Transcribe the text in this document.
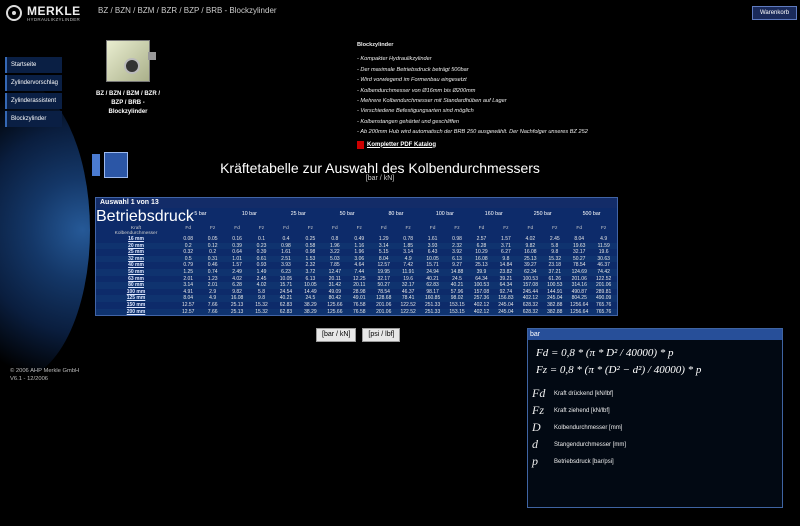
MERKLE
HYDRAULIKZYLINDER
BZ / BZN / BZM / BZR / BZP / BRB - Blockzylinder	Warenkorb
Startseite
Zylindervorschlag
Zylinderassistent
Blockzylinder
BZ / BZN / BZM / BZR / BZP / BRB - Blockzylinder
Blockzylinder
- Kompakter Hydraulikzylinder
- Der maximale Betriebsdruck beträgt 500bar
- Wird vorwiegend im Formenbau eingesetzt
- Kolbendurchmesser von Ø16mm bis Ø200mm
- Mehrere Kolbendurchmesser mit Standardhüben auf Lager
- Verschiedene Befestigungsarten sind möglich
- Kolbenstangen gehärtet und geschliffen
- Ab 200mm Hub wird automatisch der BRB 250 ausgewählt. Der Nachfolger unseres BZ 252
Kompletter PDF Katalog
Kräftetabelle zur Auswahl des Kolbendurchmessers
[bar / kN]
Auswahl 1 von 13
Betriebsdruck 5 bar	10 bar	25 bar	50 bar	80 bar	100 bar	160 bar	250 bar	500 bar
Kraft	Fd	Fz	Fd	Fz	Fd	Fz	Fd	Fz	Fd	Fz	Fd	Fz	Fd	Fz	Fd	Fz	Fd	Fz
Kolbendurchmesser
16 mm	0.08	0.05	0.16	0.1	0.4	0.25	0.8	0.49	1.29	0.78	1.61	0.98	2.57	1.57	4.02	2.45	8.04	4.9
20 mm	0.2	0.12	0.39	0.23	0.98	0.58	1.96	1.16	3.14	1.85	3.93	2.32	6.28	3.71	9.82	5.8	19.63	11.59
25 mm	0.32	0.2	0.64	0.39	1.61	0.98	3.22	1.96	5.15	3.14	6.43	3.92	10.29	6.27	16.08	9.8	32.17	19.6
32 mm	0.5	0.31	1.01	0.61	2.51	1.53	5.03	3.06	8.04	4.9	10.05	6.13	16.08	9.8	25.13	15.32	50.27	30.63
40 mm	0.79	0.46	1.57	0.93	3.93	2.32	7.85	4.64	12.57	7.42	15.71	9.27	25.13	14.84	39.27	23.18	78.54	46.37
50 mm	1.25	0.74	2.49	1.49	6.23	3.72	12.47	7.44	19.95	11.91	24.94	14.88	39.9	23.82	62.34	37.21	124.69	74.42
63 mm	2.01	1.23	4.02	2.45	10.05	6.13	20.11	12.25	32.17	19.6	40.21	24.5	64.34	39.21	100.53	61.26	201.06	122.52
80 mm	3.14	2.01	6.28	4.02	15.71	10.05	31.42	20.11	50.27	32.17	62.83	40.21	100.53	64.34	157.08	100.53	314.16	201.06
100 mm	4.91	2.9	9.82	5.8	24.54	14.49	49.09	28.98	78.54	46.37	98.17	57.96	157.08	92.74	245.44	144.91	490.87	289.81
125 mm	8.04	4.9	16.08	9.8	40.21	24.5	80.42	49.01	128.68	78.41	160.85	98.02	257.36	156.83	402.12	245.04	804.25	490.09
150 mm	12.57	7.66	25.13	15.32	62.83	38.29	125.66	76.58	201.06	122.52	251.33	153.15	402.12	245.04	628.32	382.88	1256.64	765.76
200 mm	12.57	7.66	25.13	15.32	62.83	38.29	125.66	76.58	201.06	122.52	251.33	153.15	402.12	245.04	628.32	382.88	1256.64	765.76
[bar / kN]	[psi / lbf]
© 2006 AHP Merkle GmbH
V6.1 - 12/2006
bar
Fd = 0,8 * (π * D² / 40000) * p
Fz = 0,8 * (π * (D² − d²) / 40000) * p
Fd	Kraft drückend [kN/lbf]
Fz	Kraft ziehend [kN/lbf]
D	Kolbendurchmesser [mm]
d	Stangendurchmesser [mm]
p	Betriebsdruck [bar/psi]
